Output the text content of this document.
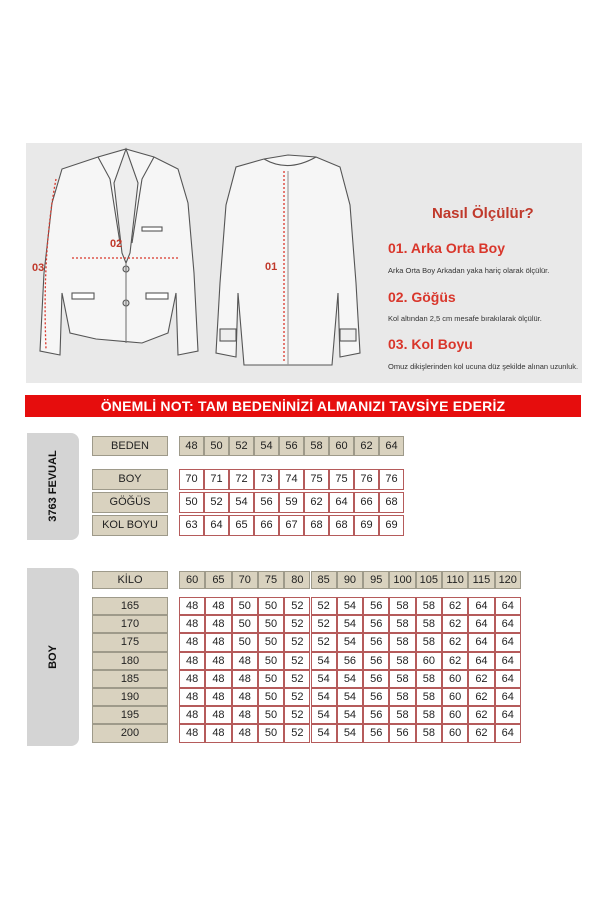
02
03	01
Nasıl Ölçülür?
01. Arka Orta Boy
Arka Orta Boy Arkadan yaka hariç olarak ölçülür.
02. Göğüs
Kol altından 2,5 cm mesafe bırakılarak ölçülür.
03. Kol Boyu
Omuz dikişlerinden kol ucuna düz şekilde alınan uzunluk.
ÖNEMLİ NOT: TAM BEDENİNİZİ ALMANIZI TAVSİYE EDERİZ
3763 FEVUAL
BEDEN	48	50	52	54	56	58	60	62	64
BOY	70	71	72	73	74	75	75	76	76
GÖĞÜS	50	52	54	56	59	62	64	66	68
KOL BOYU	63	64	65	66	67	68	68	69	69
BOY
KİLO	60	65	70	75	80	85	90	95	100 105 110 115 120
165	48	48	50	50	52	52	54	56	58	58	62	64	64
170	48	48	50	50	52	52	54	56	58	58	62	64	64
175	48	48	50	50	52	52	54	56	58	58	62	64	64
180	48	48	48	50	52	54	56	56	58	60	62	64	64
185	48	48	48	50	52	54	54	56	58	58	60	62	64
190	48	48	48	50	52	54	54	56	58	58	60	62	64
195	48	48	48	50	52	54	54	56	58	58	60	62	64
200	48	48	48	50	52	54	54	56	56	58	60	62	64
